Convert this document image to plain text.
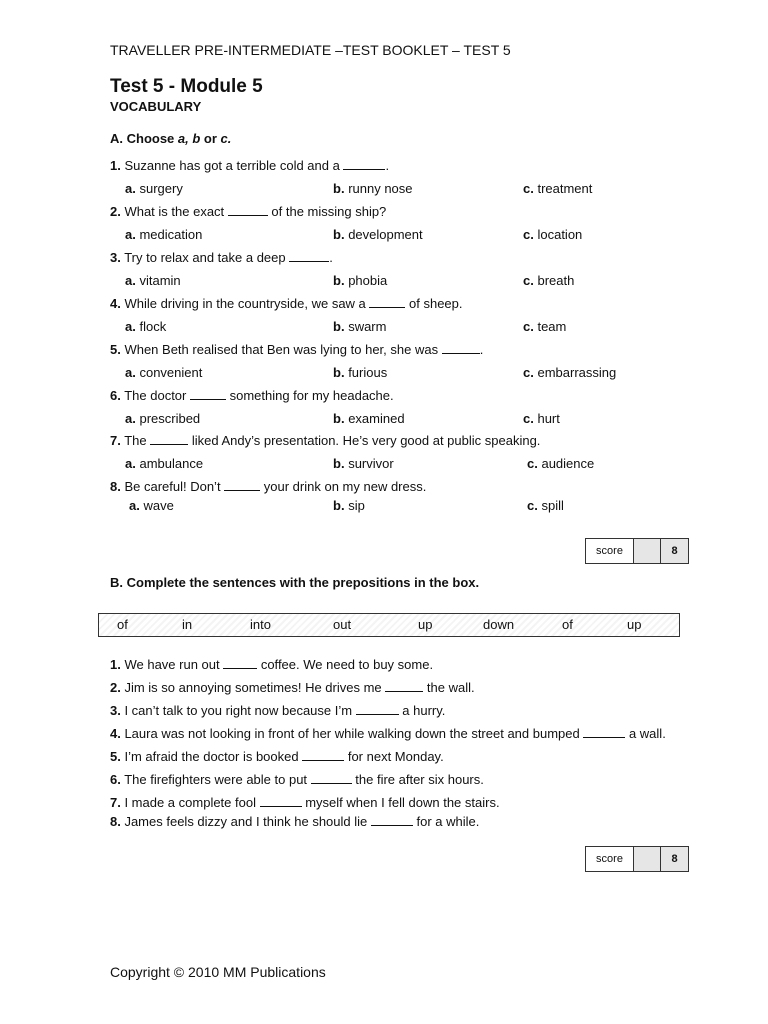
TRAVELLER PRE-INTERMEDIATE –TEST BOOKLET – TEST 5
Test 5 - Module 5
VOCABULARY
A. Choose a, b or c.
1. Suzanne has got a terrible cold and a	.
a. surgery	b. runny nose	c. treatment
2. What is the exact	of the missing ship?
a. medication	b. development	c. location
3. Try to relax and take a deep	.
a. vitamin	b. phobia	c. breath
4. While driving in the countryside, we saw a	of sheep.
a. flock	b. swarm	c. team
5. When Beth realised that Ben was lying to her, she was	.
a. convenient	b. furious	c. embarrassing
6. The doctor	something for my headache.
a. prescribed	b. examined	c. hurt
7. The	liked Andy’s presentation. He’s very good at public speaking.
a. ambulance	b. survivor	c. audience
8. Be careful! Don’t	your drink on my new dress.
a. wave	b. sip	c. spill
score	8
B. Complete the sentences with the prepositions in the box.
of	in	into	out	up	down	of	up
1. We have run out	coffee. We need to buy some.
2. Jim is so annoying sometimes! He drives me	the wall.
3. I can’t talk to you right now because I’m	a hurry.
4. Laura was not looking in front of her while walking down the street and bumped	a wall.
5. I’m afraid the doctor is booked	for next Monday.
6. The firefighters were able to put	the fire after six hours.
7. I made a complete fool	myself when I fell down the stairs.
8. James feels dizzy and I think he should lie	for a while.
score	8
Copyright © 2010 MM Publications
